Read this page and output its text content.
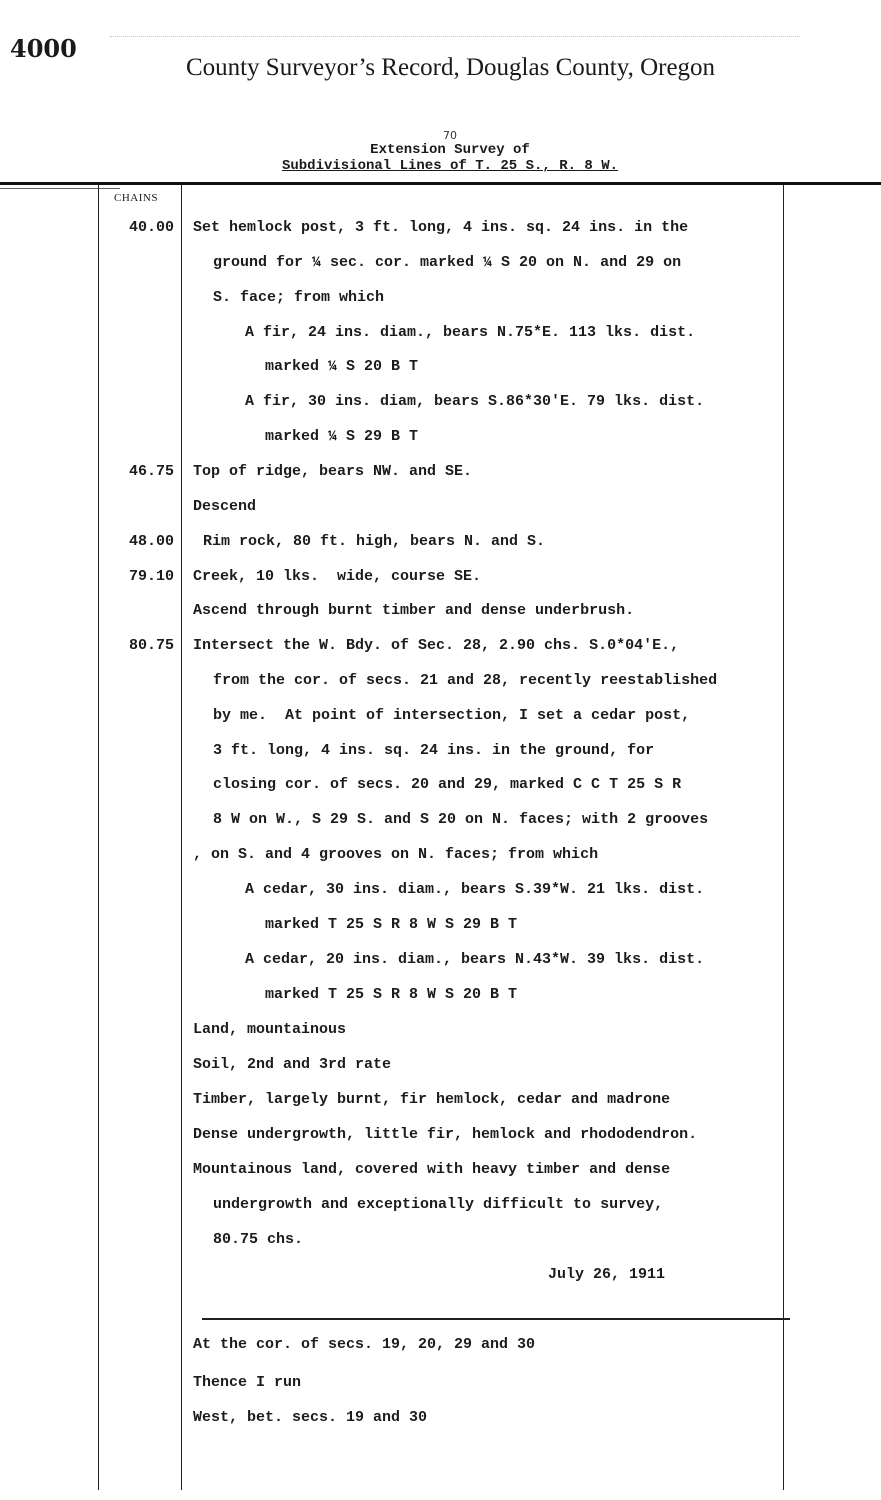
4000
County Surveyor’s Record, Douglas County, Oregon
70
Extension Survey of
Subdivisional Lines of T. 25 S., R. 8 W.
CHAINS
40.00 Set hemlock post, 3 ft. long, 4 ins. sq. 24 ins. in the
ground for ¼ sec. cor. marked ¼ S 20 on N. and 29 on
S. face; from which
A fir, 24 ins. diam., bears N.75*E. 113 lks. dist.
marked ¼ S 20 B T
A fir, 30 ins. diam, bears S.86*30'E. 79 lks. dist.
marked ¼ S 29 B T
46.75 Top of ridge, bears NW. and SE.
Descend
48.00 Rim rock, 80 ft. high, bears N. and S.
79.10 Creek, 10 lks.  wide, course SE.
Ascend through burnt timber and dense underbrush.
80.75 Intersect the W. Bdy. of Sec. 28, 2.90 chs. S.0*04'E.,
from the cor. of secs. 21 and 28, recently reestablished
by me.  At point of intersection, I set a cedar post,
3 ft. long, 4 ins. sq. 24 ins. in the ground, for
closing cor. of secs. 20 and 29, marked C C T 25 S R
8 W on W., S 29 S. and S 20 on N. faces; with 2 grooves
, on S. and 4 grooves on N. faces; from which
A cedar, 30 ins. diam., bears S.39*W. 21 lks. dist.
marked T 25 S R 8 W S 29 B T
A cedar, 20 ins. diam., bears N.43*W. 39 lks. dist.
marked T 25 S R 8 W S 20 B T
Land, mountainous
Soil, 2nd and 3rd rate
Timber, largely burnt, fir hemlock, cedar and madrone
Dense undergrowth, little fir, hemlock and rhododendron.
Mountainous land, covered with heavy timber and dense
undergrowth and exceptionally difficult to survey,
80.75 chs.
July 26, 1911
At the cor. of secs. 19, 20, 29 and 30
Thence I run
West, bet. secs. 19 and 30
